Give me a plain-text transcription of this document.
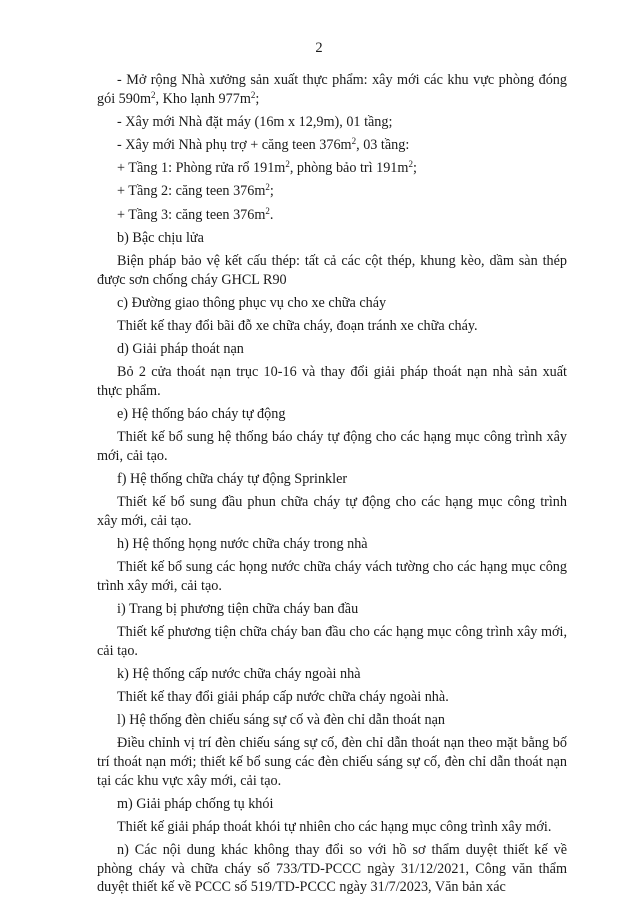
2

- Mở rộng Nhà xưởng sản xuất thực phẩm: xây mới các khu vực phòng đóng gói $590m^2$, Kho lạnh $977m^2$;

- Xây mới Nhà đặt máy (16m x 12,9m), 01 tầng;

- Xây mới Nhà phụ trợ + căng teen $376m^2$, 03 tầng:

+ Tầng 1: Phòng rửa rổ $191m^2$, phòng bảo trì $191m^2$;

+ Tầng 2: căng teen $376m^2$;

+ Tầng 3: căng teen $376m^2$.

b) Bậc chịu lửa

Biện pháp bảo vệ kết cấu thép: tất cả các cột thép, khung kèo, dầm sàn thép được sơn chống cháy GHCL R90

c) Đường giao thông phục vụ cho xe chữa cháy

Thiết kế thay đổi bãi đỗ xe chữa cháy, đoạn tránh xe chữa cháy.

d) Giải pháp thoát nạn

Bỏ 2 cửa thoát nạn trục 10-16 và thay đổi giải pháp thoát nạn nhà sản xuất thực phẩm.

e) Hệ thống báo cháy tự động

Thiết kế bổ sung hệ thống báo cháy tự động cho các hạng mục công trình xây mới, cải tạo.

f) Hệ thống chữa cháy tự động Sprinkler

Thiết kế bổ sung đầu phun chữa cháy tự động cho các hạng mục công trình xây mới, cải tạo.

h) Hệ thống họng nước chữa cháy trong nhà

Thiết kế bổ sung các họng nước chữa cháy vách tường cho các hạng mục công trình xây mới, cải tạo.

i) Trang bị phương tiện chữa cháy ban đầu

Thiết kế phương tiện chữa cháy ban đầu cho các hạng mục công trình xây mới, cải tạo.

k) Hệ thống cấp nước chữa cháy ngoài nhà

Thiết kế thay đổi giải pháp cấp nước chữa cháy ngoài nhà.

l) Hệ thống đèn chiếu sáng sự cố và đèn chỉ dẫn thoát nạn

Điều chỉnh vị trí đèn chiếu sáng sự cố, đèn chỉ dẫn thoát nạn theo mặt bằng bố trí thoát nạn mới; thiết kế bổ sung các đèn chiếu sáng sự cố, đèn chỉ dẫn thoát nạn tại các khu vực xây mới, cải tạo.

m) Giải pháp chống tụ khói

Thiết kế giải pháp thoát khói tự nhiên cho các hạng mục công trình xây mới.

n) Các nội dung khác không thay đổi so với hồ sơ thẩm duyệt thiết kế về phòng cháy và chữa cháy số 733/TD-PCCC ngày 31/12/2021, Công văn thẩm duyệt thiết kế về PCCC số 519/TD-PCCC ngày 31/7/2023, Văn bản xác
